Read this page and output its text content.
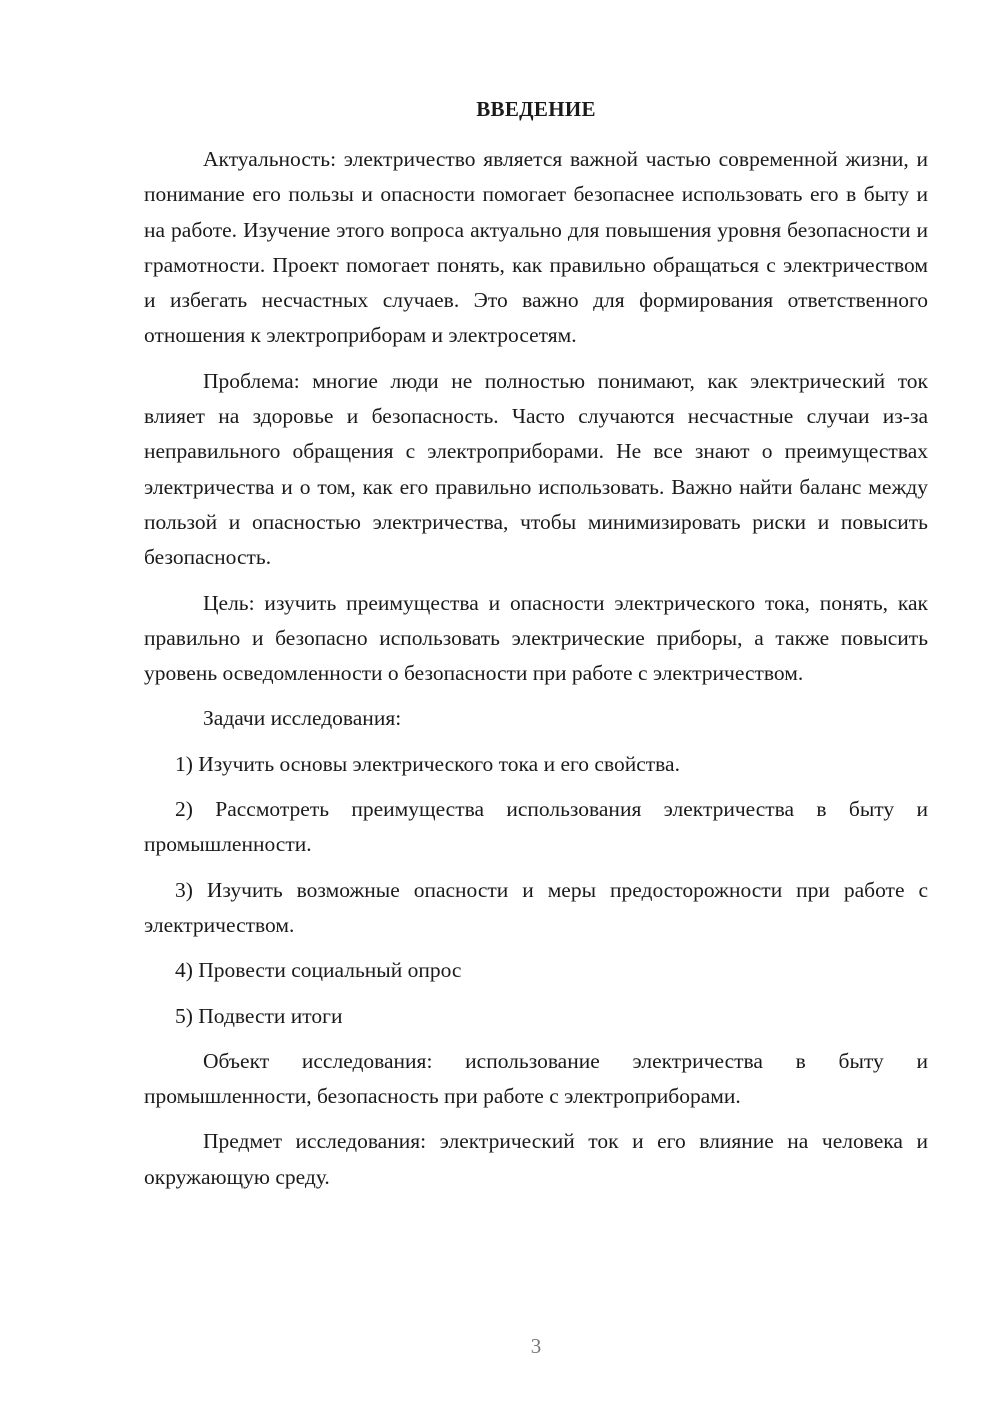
ВВЕДЕНИЕ

Актуальность: электричество является важной частью современной жизни, и понимание его пользы и опасности помогает безопаснее использовать его в быту и на работе. Изучение этого вопроса актуально для повышения уровня безопасности и грамотности. Проект помогает понять, как правильно обращаться с электричеством и избегать несчастных случаев. Это важно для формирования ответственного отношения к электроприборам и электросетям.

Проблема: многие люди не полностью понимают, как электрический ток влияет на здоровье и безопасность. Часто случаются несчастные случаи из-за неправильного обращения с электроприборами. Не все знают о преимуществах электричества и о том, как его правильно использовать. Важно найти баланс между пользой и опасностью электричества, чтобы минимизировать риски и повысить безопасность.

Цель: изучить преимущества и опасности электрического тока, понять, как правильно и безопасно использовать электрические приборы, а также повысить уровень осведомленности о безопасности при работе с электричеством.

Задачи исследования:

1) Изучить основы электрического тока и его свойства.

2) Рассмотреть преимущества использования электричества в быту и промышленности.

3) Изучить возможные опасности и меры предосторожности при работе с электричеством.

4) Провести социальный опрос

5) Подвести итоги

Объект исследования: использование электричества в быту и промышленности, безопасность при работе с электроприборами.

Предмет исследования: электрический ток и его влияние на человека и окружающую среду.

3
